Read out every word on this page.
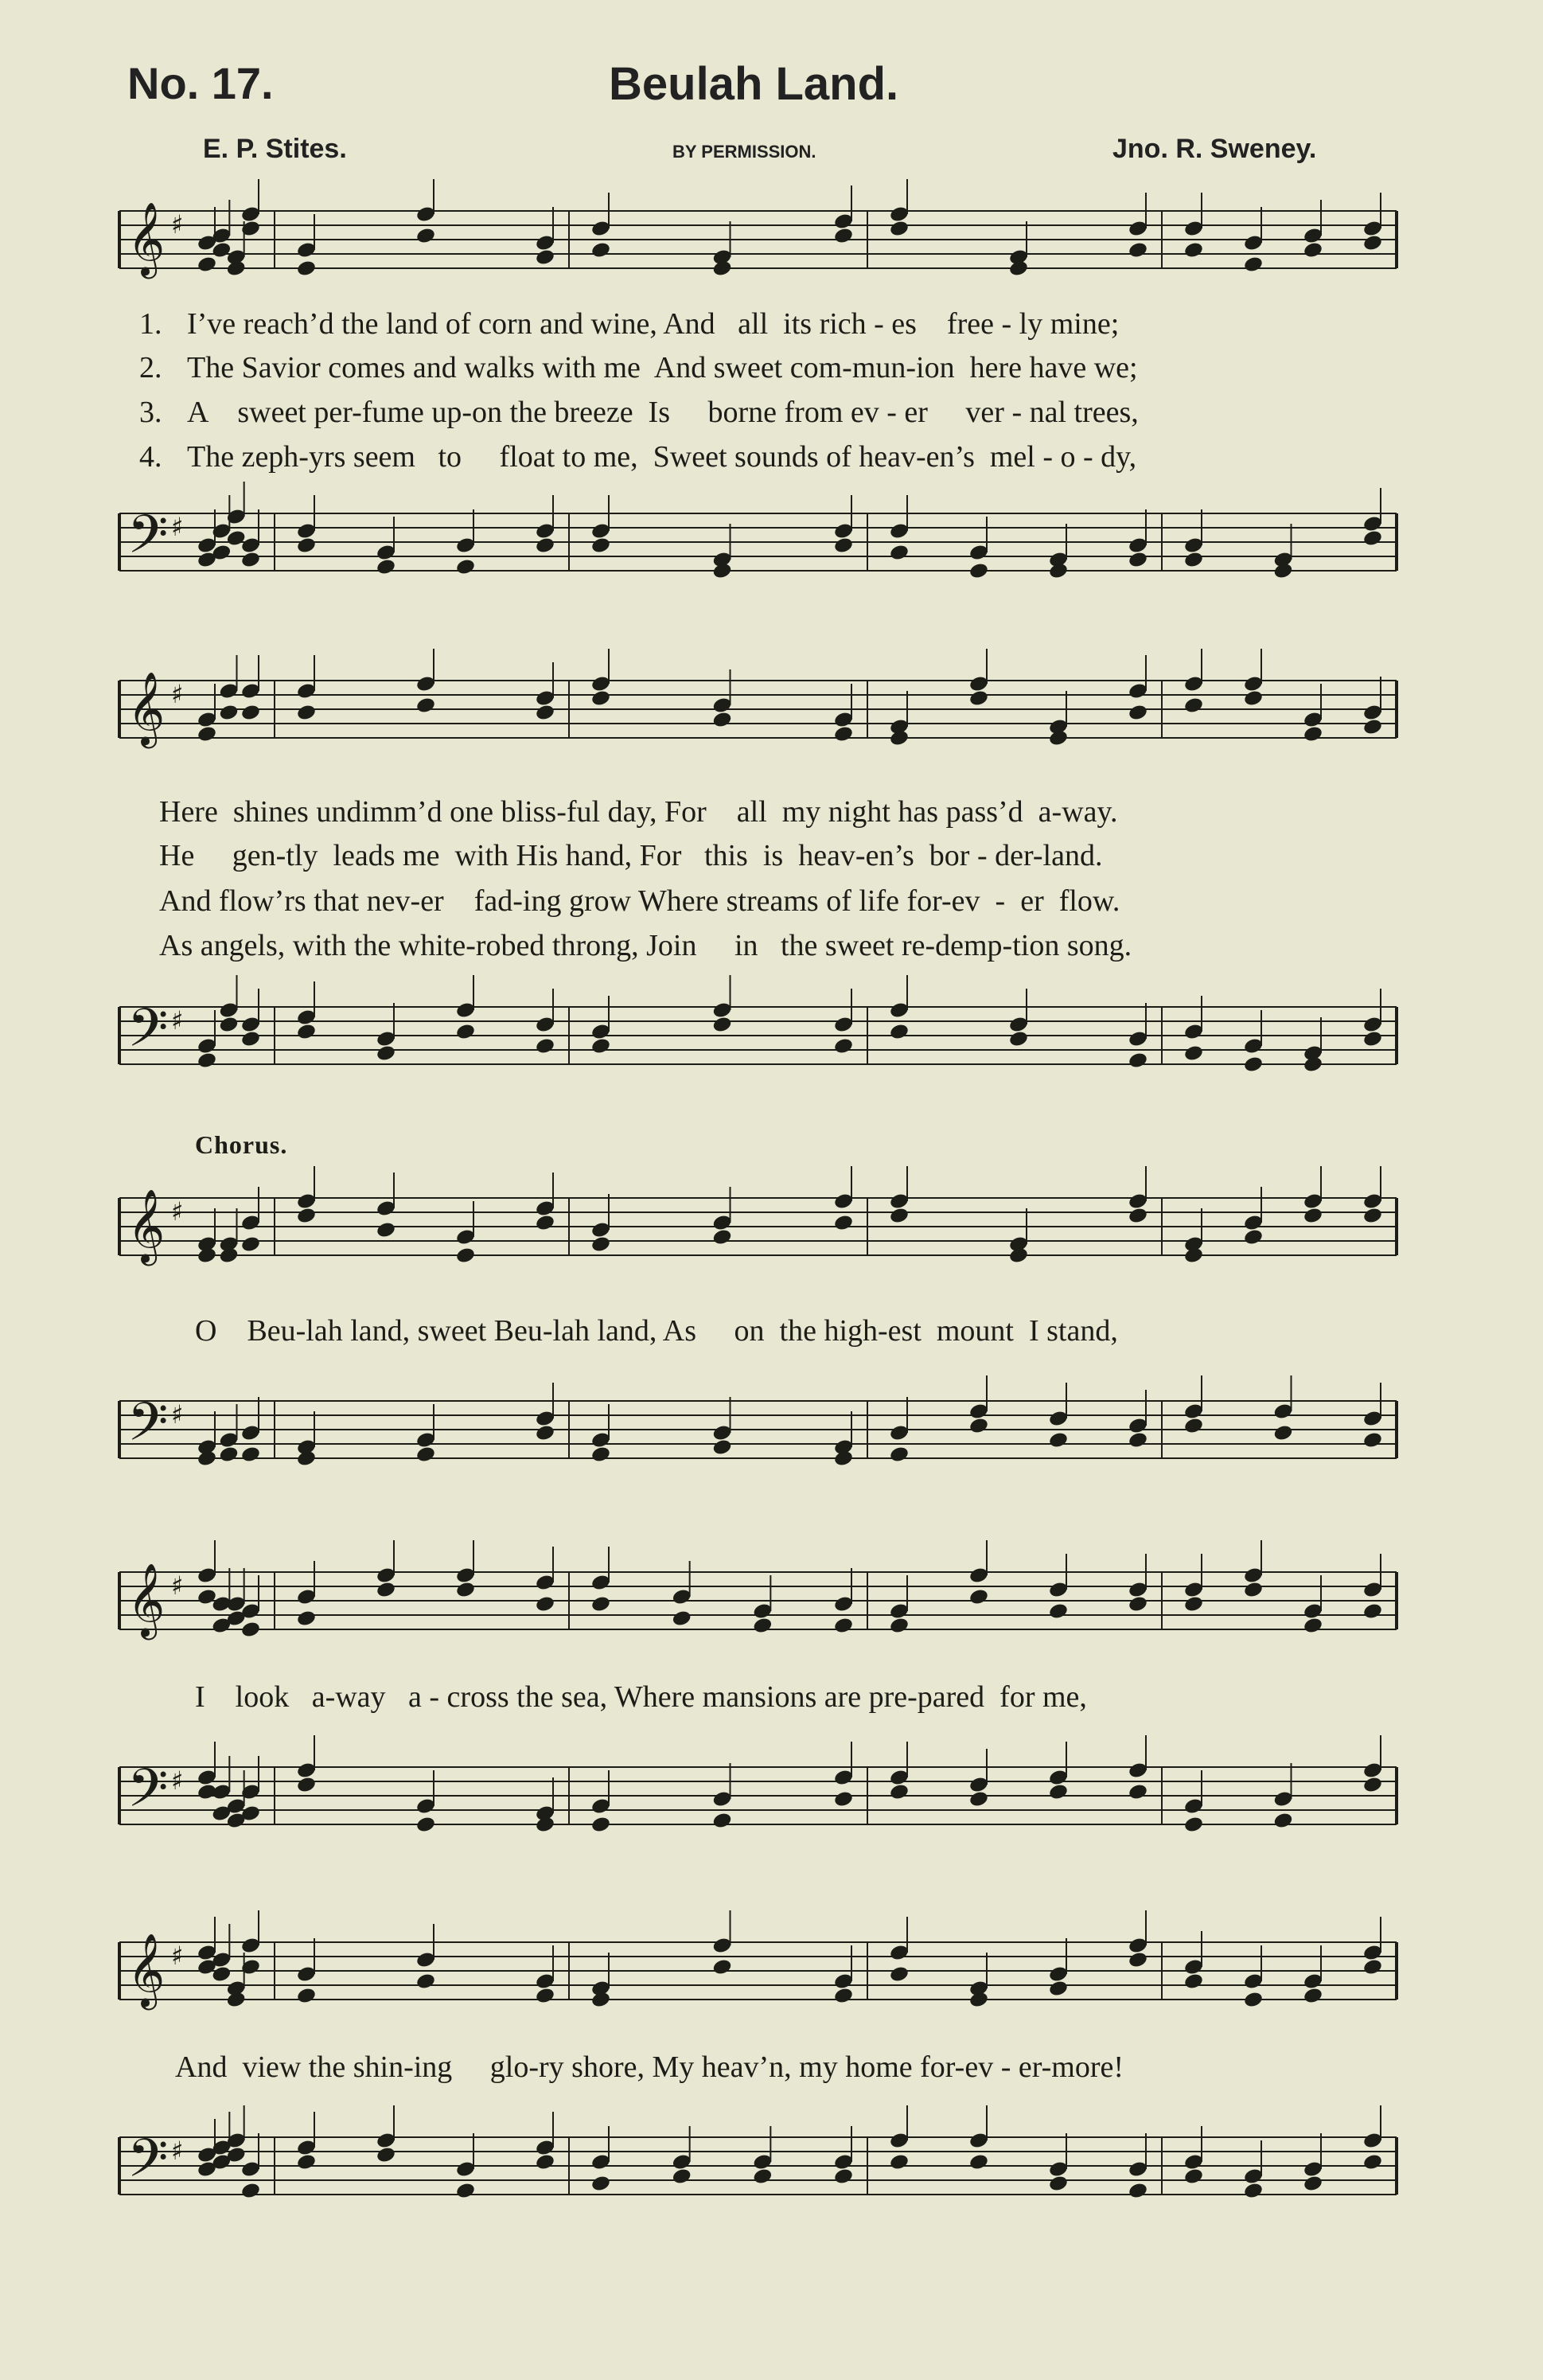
No. 17.	Beulah Land.
E. P. Stites.	BY PERMISSION.	Jno. R. Sweney.
𝄞 ♯
1. I’ve reach’d the land of corn and wine, And   all  its rich - es    free - ly mine;
2. The Savior comes and walks with me  And sweet com-mun-ion  here have we;
3. A    sweet per-fume up-on the breeze  Is     borne from ev - er     ver - nal trees,
4. The zeph-yrs seem   to     float to me,  Sweet sounds of heav-en’s  mel - o - dy,
𝄢 ♯
𝄞 ♯
Here  shines undimm’d one bliss-ful day, For    all  my night has pass’d  a-way.
He     gen-tly  leads me  with His hand, For   this  is  heav-en’s  bor - der-land.
And flow’rs that nev-er    fad-ing grow Where streams of life for-ev  -  er  flow.
As angels, with the white-robed throng, Join     in   the sweet re-demp-tion song.
𝄢 ♯
Chorus.
𝄞 ♯
O    Beu-lah land, sweet Beu-lah land, As     on  the high-est  mount  I stand,
𝄢 ♯
𝄞 ♯
I    look   a-way   a - cross the sea, Where mansions are pre-pared  for me,
𝄢 ♯
𝄞 ♯
And  view the shin-ing     glo-ry shore, My heav’n, my home for-ev - er-more!
𝄢 ♯
